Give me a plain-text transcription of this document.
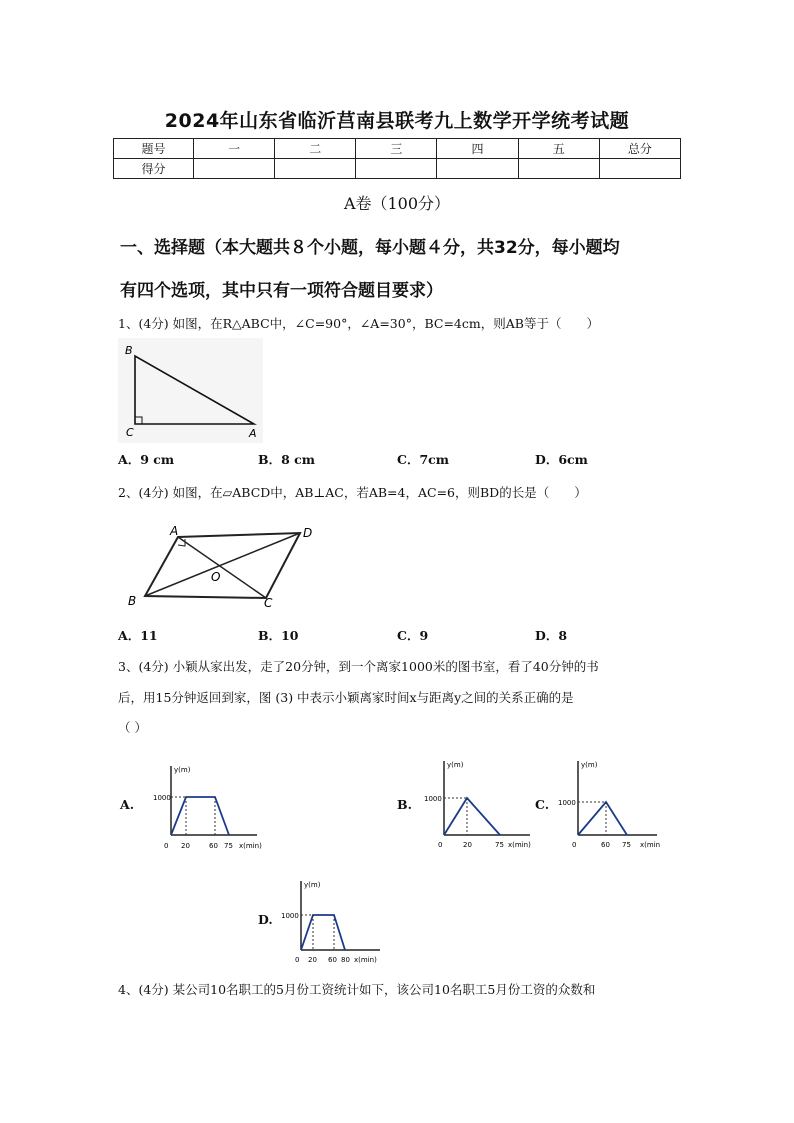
2024年山东省临沂莒南县联考九上数学开学统考试题
题号	一	二	三	四	五	总分
得分						
A卷（100分）
一、选择题（本大题共８个小题，每小题４分，共32分，每小题均
有四个选项，其中只有一项符合题目要求）
1、(4分) 如图，在R△ABC中，∠C=90°，∠A=30°，BC=4cm，则AB等于（　　）
B
C	A
A．9 cm	B．8 cm	C．7cm	D．6cm
2、(4分) 如图，在▱ABCD中，AB⊥AC，若AB=4，AC=6，则BD的长是（　　）
A	D
B	C
O
A．11	B．10	C．9	D．8
3、(4分) 小颖从家出发，走了20分钟，到一个离家1000米的图书室，看了40分钟的书
后，用15分钟返回到家，图 (3) 中表示小颖离家时间x与距离y之间的关系正确的是
（ ）
A.
y(m)
x(min)
1000
0 20	60 75
B.
y(m)
x(min)
1000
0	20	75
C.
y(m)
x(min
1000
0	60 75
D.
y(m)
x(min)
1000
0 20 60 80
4、(4分) 某公司10名职工的5月份工资统计如下，该公司10名职工5月份工资的众数和
